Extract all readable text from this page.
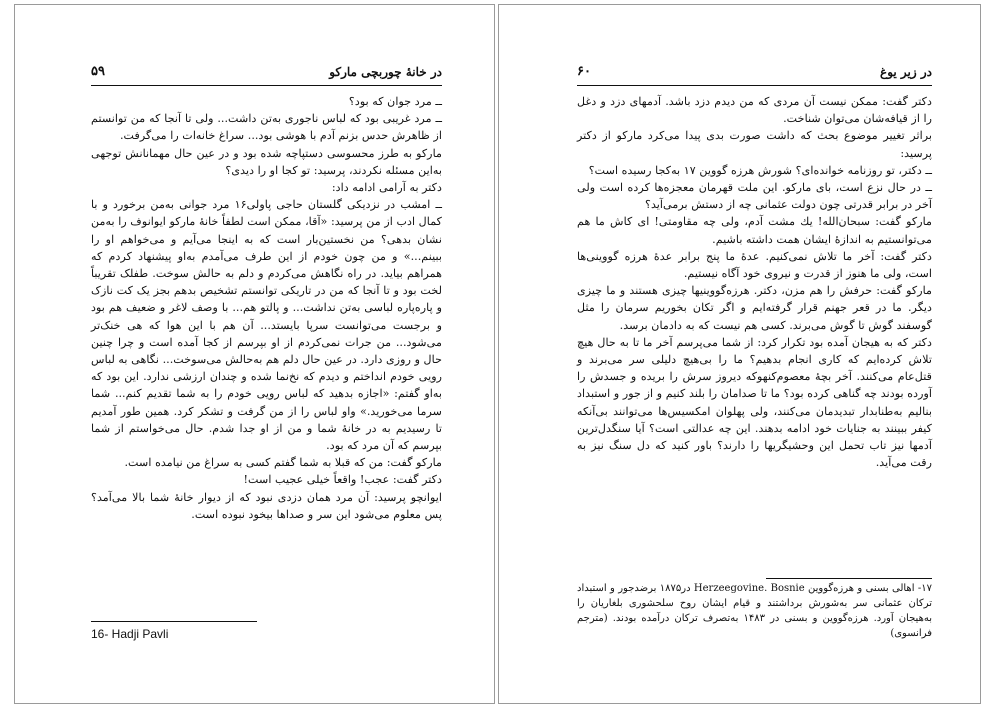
در خانهٔ چوربچی مارکو
۵۹

ــ مرد جوان که بود؟

ــ مرد غریبی بود که لباس ناجوری به‌تن داشت... ولی تا آنجا که من توانستم از ظاهرش حدس بزنم آدم با هوشی بود... سراغ خانه‌ات را می‌گرفت.

مارکو به طرز محسوسی دستپاچه شده بود و در عین حال مهمانانش توجهی به‌این مسئله نکردند، پرسید: تو کجا او را دیدی؟

دکتر به آرامی ادامه داد:

ــ امشب در نزدیکی گلستان حاجی پاولی۱۶ مرد جوانی به‌من برخورد و با کمال ادب از من پرسید: «آقا، ممکن است لطفاً خانهٔ مارکو ایوانوف را به‌من نشان بدهی؟ من نخستین‌بار است که به اینجا می‌آیم و می‌خواهم او را ببینم...» و من چون خودم از این طرف می‌آمدم به‌او پیشنهاد کردم که همراهم بیاید. در راه نگاهش می‌کردم و دلم به حالش سوخت. طفلک تقریباً لخت بود و تا آنجا که من در تاریکی توانستم تشخیص بدهم بجز یک کت نازک و پاره‌پاره لباسی به‌تن نداشت... و پالتو هم... با وصف لاغر و ضعیف هم بود و برجست می‌توانست سرپا بایستد... آن هم با این هوا که هی خنک‌تر می‌شود... من جرات نمی‌کردم از او بپرسم از کجا آمده است و چرا چنین حال و روزی دارد. در عین حال دلم هم به‌حالش می‌سوخت... نگاهی به لباس رویی خودم انداختم و دیدم که نخ‌نما شده و چندان ارزشی ندارد. این بود که به‌او گفتم: «اجازه بدهید که لباس رویی خودم را به شما تقدیم کنم... شما سرما می‌خورید.» واو لباس را از من گرفت و تشکر کرد. همین طور آمدیم تا رسیدیم به در خانهٔ شما و من از او جدا شدم. حال می‌خواستم از شما بپرسم که آن مرد که بود.

مارکو گفت: من که قبلا به شما گفتم کسی به سراغ من نیامده است.

دکتر گفت: عجب! واقعاً خیلی عجیب است!

ایوانچو پرسید: آن مرد همان دزدی نبود که از دیوار خانهٔ شما بالا می‌آمد؟ پس معلوم می‌شود این سر و صداها بیخود نبوده است.

16- Hadji Pavli
در زیر یوغ
۶۰

دکتر گفت: ممکن نیست آن مردی که من دیدم دزد باشد. آدمهای دزد و دغل را از قیافه‌شان می‌توان شناخت.

براثر تغییر موضوع بحث که داشت صورت بدی پیدا می‌کرد مارکو از دکتر پرسید:

ــ دکتر، تو روزنامه خوانده‌ای؟ شورش هرزه گووین ۱۷ به‌کجا رسیده است؟

ــ در حال نزع است، بای مارکو. این ملت قهرمان معجزه‌ها کرده است ولی آخر در برابر قدرتی چون دولت عثمانی چه از دستش برمی‌آید؟

مارکو گفت: سبحان‌الله! یك مشت آدم، ولی چه مقاومتی! ای کاش ما هم می‌توانستیم به اندازهٔ ایشان همت داشته باشیم.

دکتر گفت: آخر ما تلاش نمی‌کنیم. عدهٔ ما پنج برابر عدهٔ هرزه گووینی‌ها است، ولی ما هنوز از قدرت و نیروی خود آگاه نیستیم.

مارکو گفت: حرفش را هم مزن، دکتر. هرزه‌گووینیها چیزی هستند و ما چیزی دیگر. ما در قعر جهنم قرار گرفته‌ایم و اگر تکان بخوریم سرمان را مثل گوسفند گوش تا گوش می‌برند. کسی هم نیست که به دادمان برسد.

دکتر که به هیجان آمده بود تکرار کرد: از شما می‌پرسم آخر ما تا به حال هیچ تلاش کرده‌ایم که کاری انجام بدهیم؟ ما را بی‌هیچ دلیلی سر می‌برند و قتل‌عام می‌کنند. آخر بچهٔ معصوم‌کنهوکه دیروز سرش را بریده و جسدش را آورده بودند چه گناهی کرده بود؟ ما تا صدامان را بلند کنیم و از جور و استبداد بنالیم به‌طنابدار تبدیدمان می‌کنند، ولی پهلوان امکسیس‌ها می‌توانند بی‌آنکه کیفر ببینند به جنایات خود ادامه بدهند. این چه عدالتی است؟ آیا سنگدل‌ترین آدمها نیز تاب تحمل این وحشیگریها را دارند؟ باور کنید که دل سنگ نیز به رقت می‌آید.

۱۷- اهالی بسنی و هرزه‌گووین Herzeegovine. Bosnie در۱۸۷۵ برضدجور و استبداد ترکان عثمانی سر به‌شورش برداشتند و قیام ایشان روح سلحشوری بلغاریان را به‌هیجان آورد. هرزه‌گووین و بسنی در ۱۴۸۳ به‌تصرف ترکان درآمده بودند. (مترجم فرانسوی)
